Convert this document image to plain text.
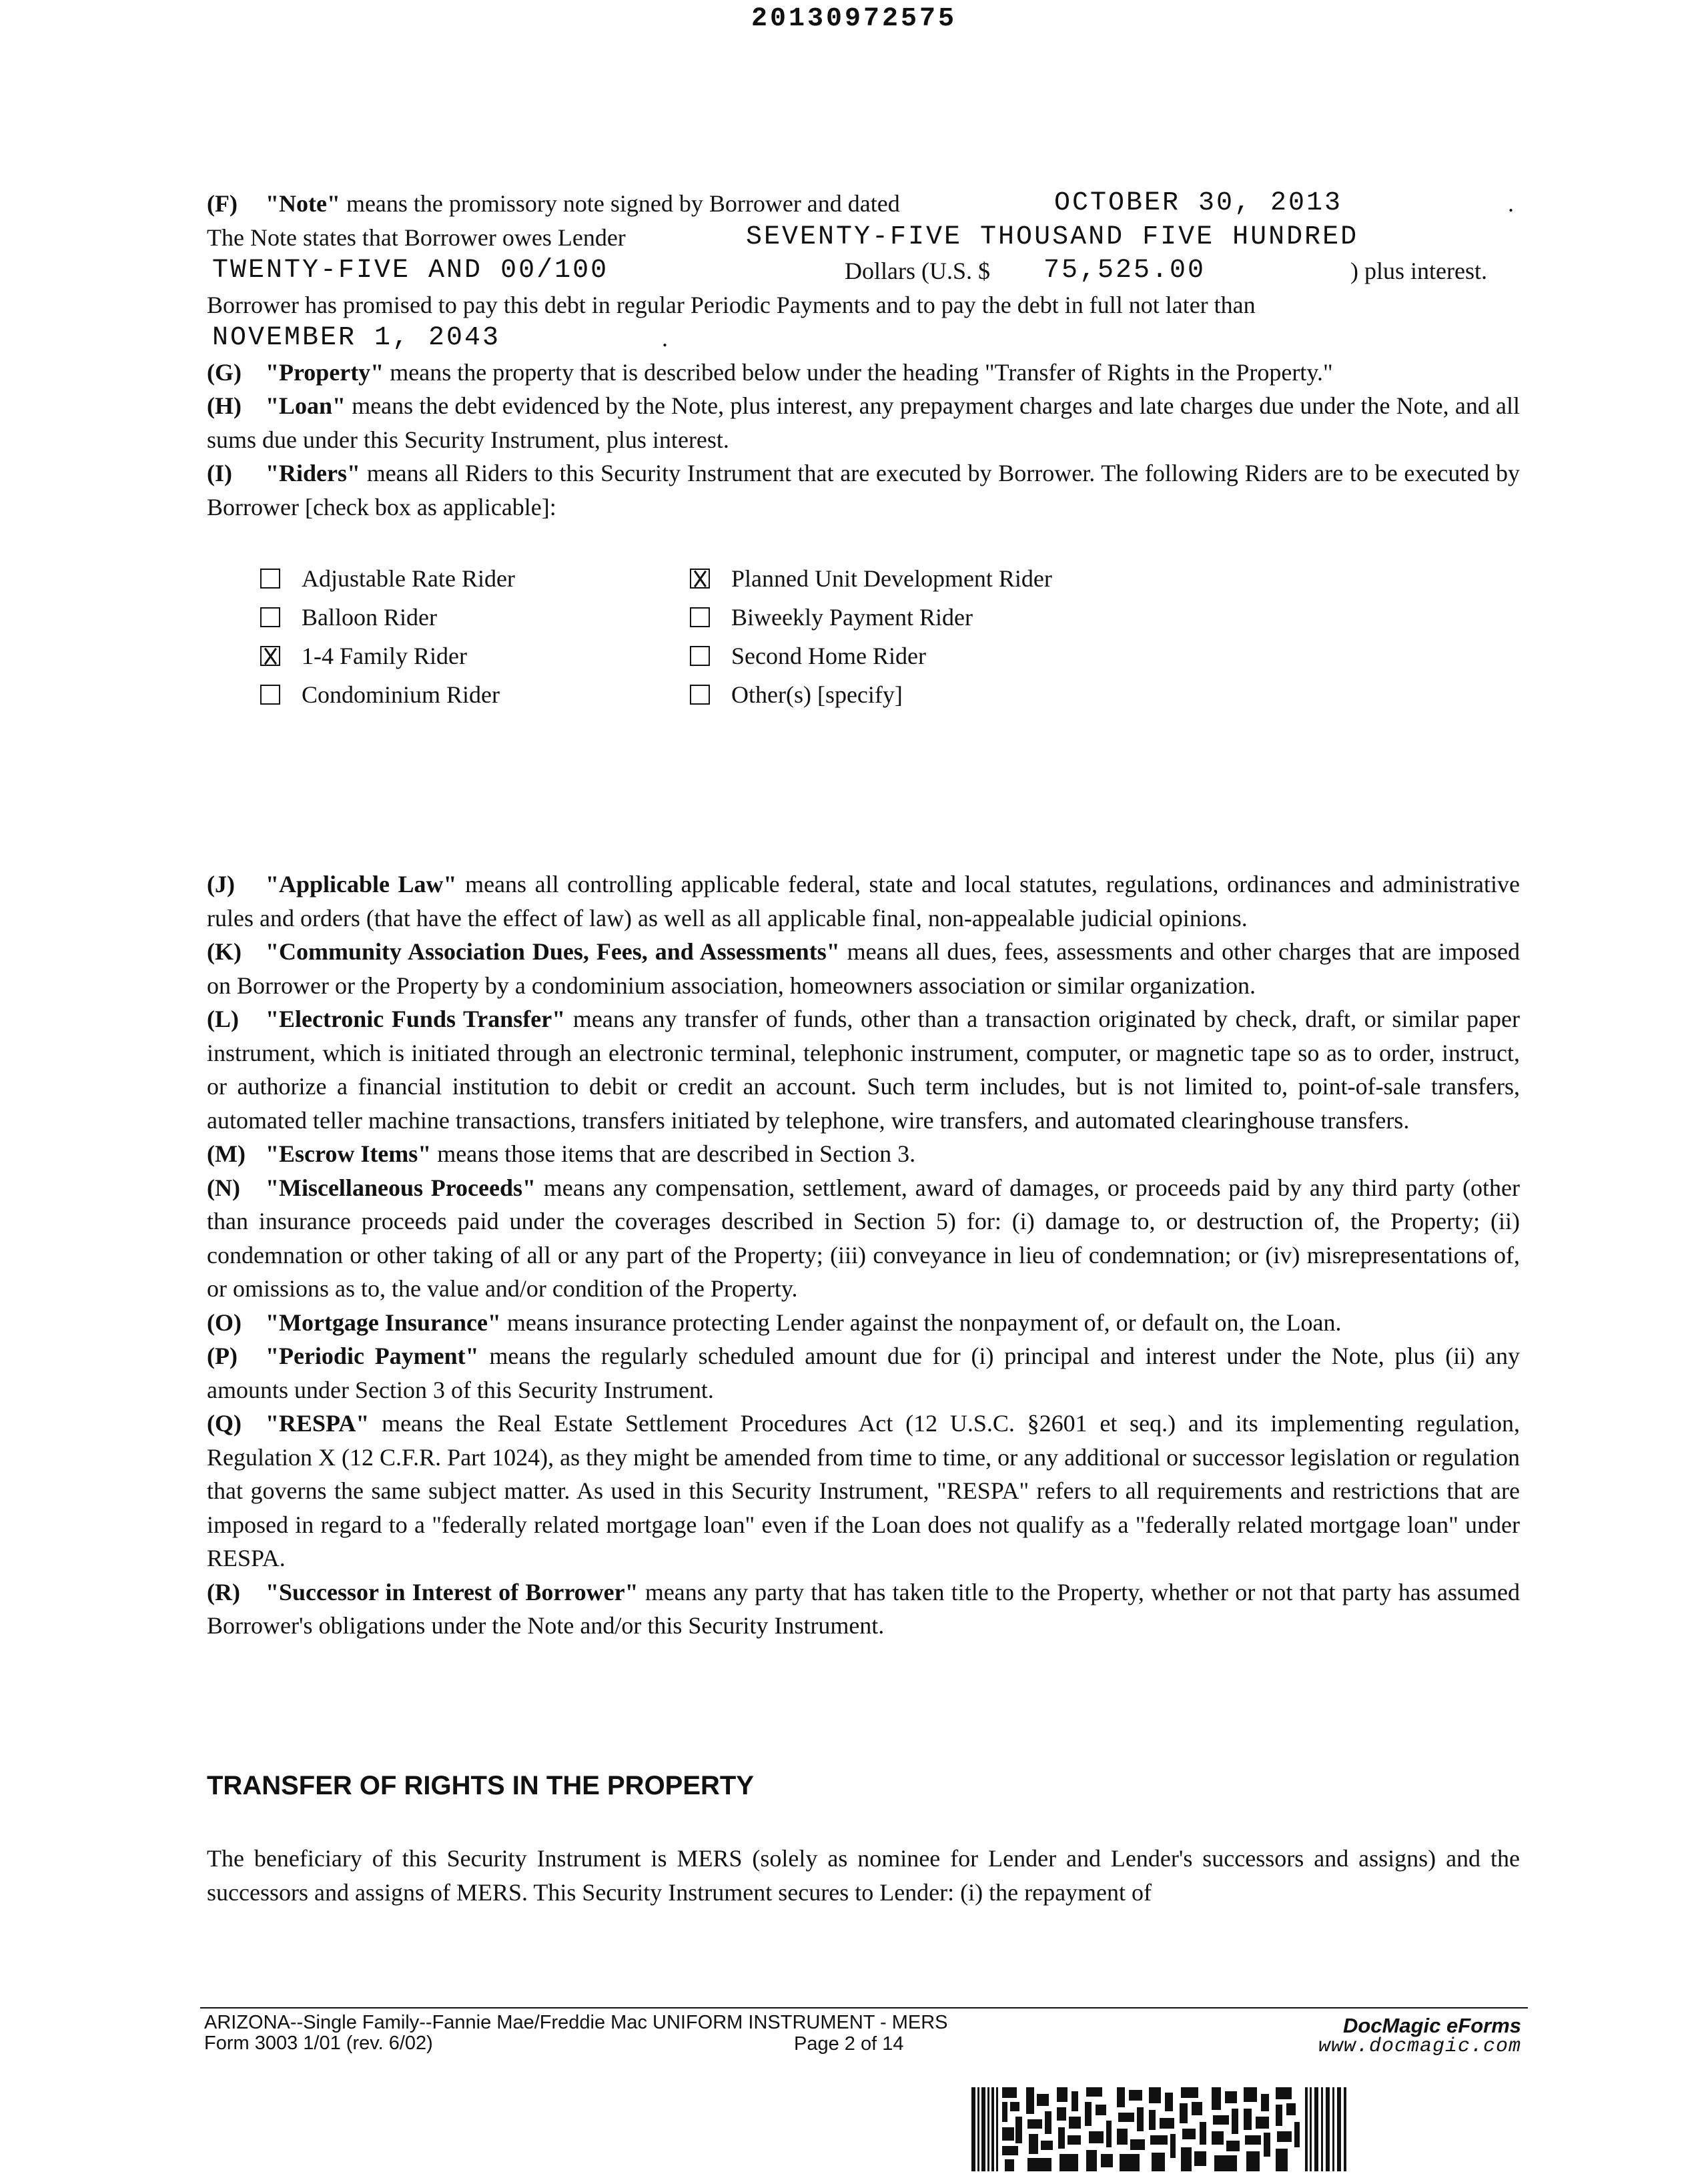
20130972575
(F) "Note" means the promissory note signed by Borrower and dated	OCTOBER 30, 2013	.
The Note states that Borrower owes Lender	SEVENTY-FIVE THOUSAND FIVE HUNDRED
TWENTY-FIVE AND 00/100	Dollars (U.S. $ 75,525.00	) plus interest.
Borrower has promised to pay this debt in regular Periodic Payments and to pay the debt in full not later than
NOVEMBER 1, 2043	.

(G) "Property" means the property that is described below under the heading "Transfer of Rights in the Property."

(H) "Loan" means the debt evidenced by the Note, plus interest, any prepayment charges and late charges due under the Note, and all sums due under this Security Instrument, plus interest.

(I) "Riders" means all Riders to this Security Instrument that are executed by Borrower. The following Riders are to be executed by Borrower [check box as applicable]:

Adjustable Rate Rider
Balloon Rider
1-4 Family Rider
Condominium Rider
Planned Unit Development Rider
Biweekly Payment Rider
Second Home Rider
Other(s) [specify]

(J) "Applicable Law" means all controlling applicable federal, state and local statutes, regulations, ordinances and administrative rules and orders (that have the effect of law) as well as all applicable final, non-appealable judicial opinions.

(K) "Community Association Dues, Fees, and Assessments" means all dues, fees, assessments and other charges that are imposed on Borrower or the Property by a condominium association, homeowners association or similar organization.

(L) "Electronic Funds Transfer" means any transfer of funds, other than a transaction originated by check, draft, or similar paper instrument, which is initiated through an electronic terminal, telephonic instrument, computer, or magnetic tape so as to order, instruct, or authorize a financial institution to debit or credit an account. Such term includes, but is not limited to, point-of-sale transfers, automated teller machine transactions, transfers initiated by telephone, wire transfers, and automated clearinghouse transfers.

(M) "Escrow Items" means those items that are described in Section 3.

(N) "Miscellaneous Proceeds" means any compensation, settlement, award of damages, or proceeds paid by any third party (other than insurance proceeds paid under the coverages described in Section 5) for: (i) damage to, or destruction of, the Property; (ii) condemnation or other taking of all or any part of the Property; (iii) conveyance in lieu of condemnation; or (iv) misrepresentations of, or omissions as to, the value and/or condition of the Property.

(O) "Mortgage Insurance" means insurance protecting Lender against the nonpayment of, or default on, the Loan.

(P) "Periodic Payment" means the regularly scheduled amount due for (i) principal and interest under the Note, plus (ii) any amounts under Section 3 of this Security Instrument.

(Q) "RESPA" means the Real Estate Settlement Procedures Act (12 U.S.C. §2601 et seq.) and its implementing regulation, Regulation X (12 C.F.R. Part 1024), as they might be amended from time to time, or any additional or successor legislation or regulation that governs the same subject matter. As used in this Security Instrument, "RESPA" refers to all requirements and restrictions that are imposed in regard to a "federally related mortgage loan" even if the Loan does not qualify as a "federally related mortgage loan" under RESPA.

(R) "Successor in Interest of Borrower" means any party that has taken title to the Property, whether or not that party has assumed Borrower's obligations under the Note and/or this Security Instrument.

TRANSFER OF RIGHTS IN THE PROPERTY

The beneficiary of this Security Instrument is MERS (solely as nominee for Lender and Lender's successors and assigns) and the successors and assigns of MERS. This Security Instrument secures to Lender: (i) the repayment of

ARIZONA--Single Family--Fannie Mae/Freddie Mac UNIFORM INSTRUMENT - MERS
Form 3003 1/01 (rev. 6/02)	Page 2 of 14
DocMagic eForms
www.docmagic.com
